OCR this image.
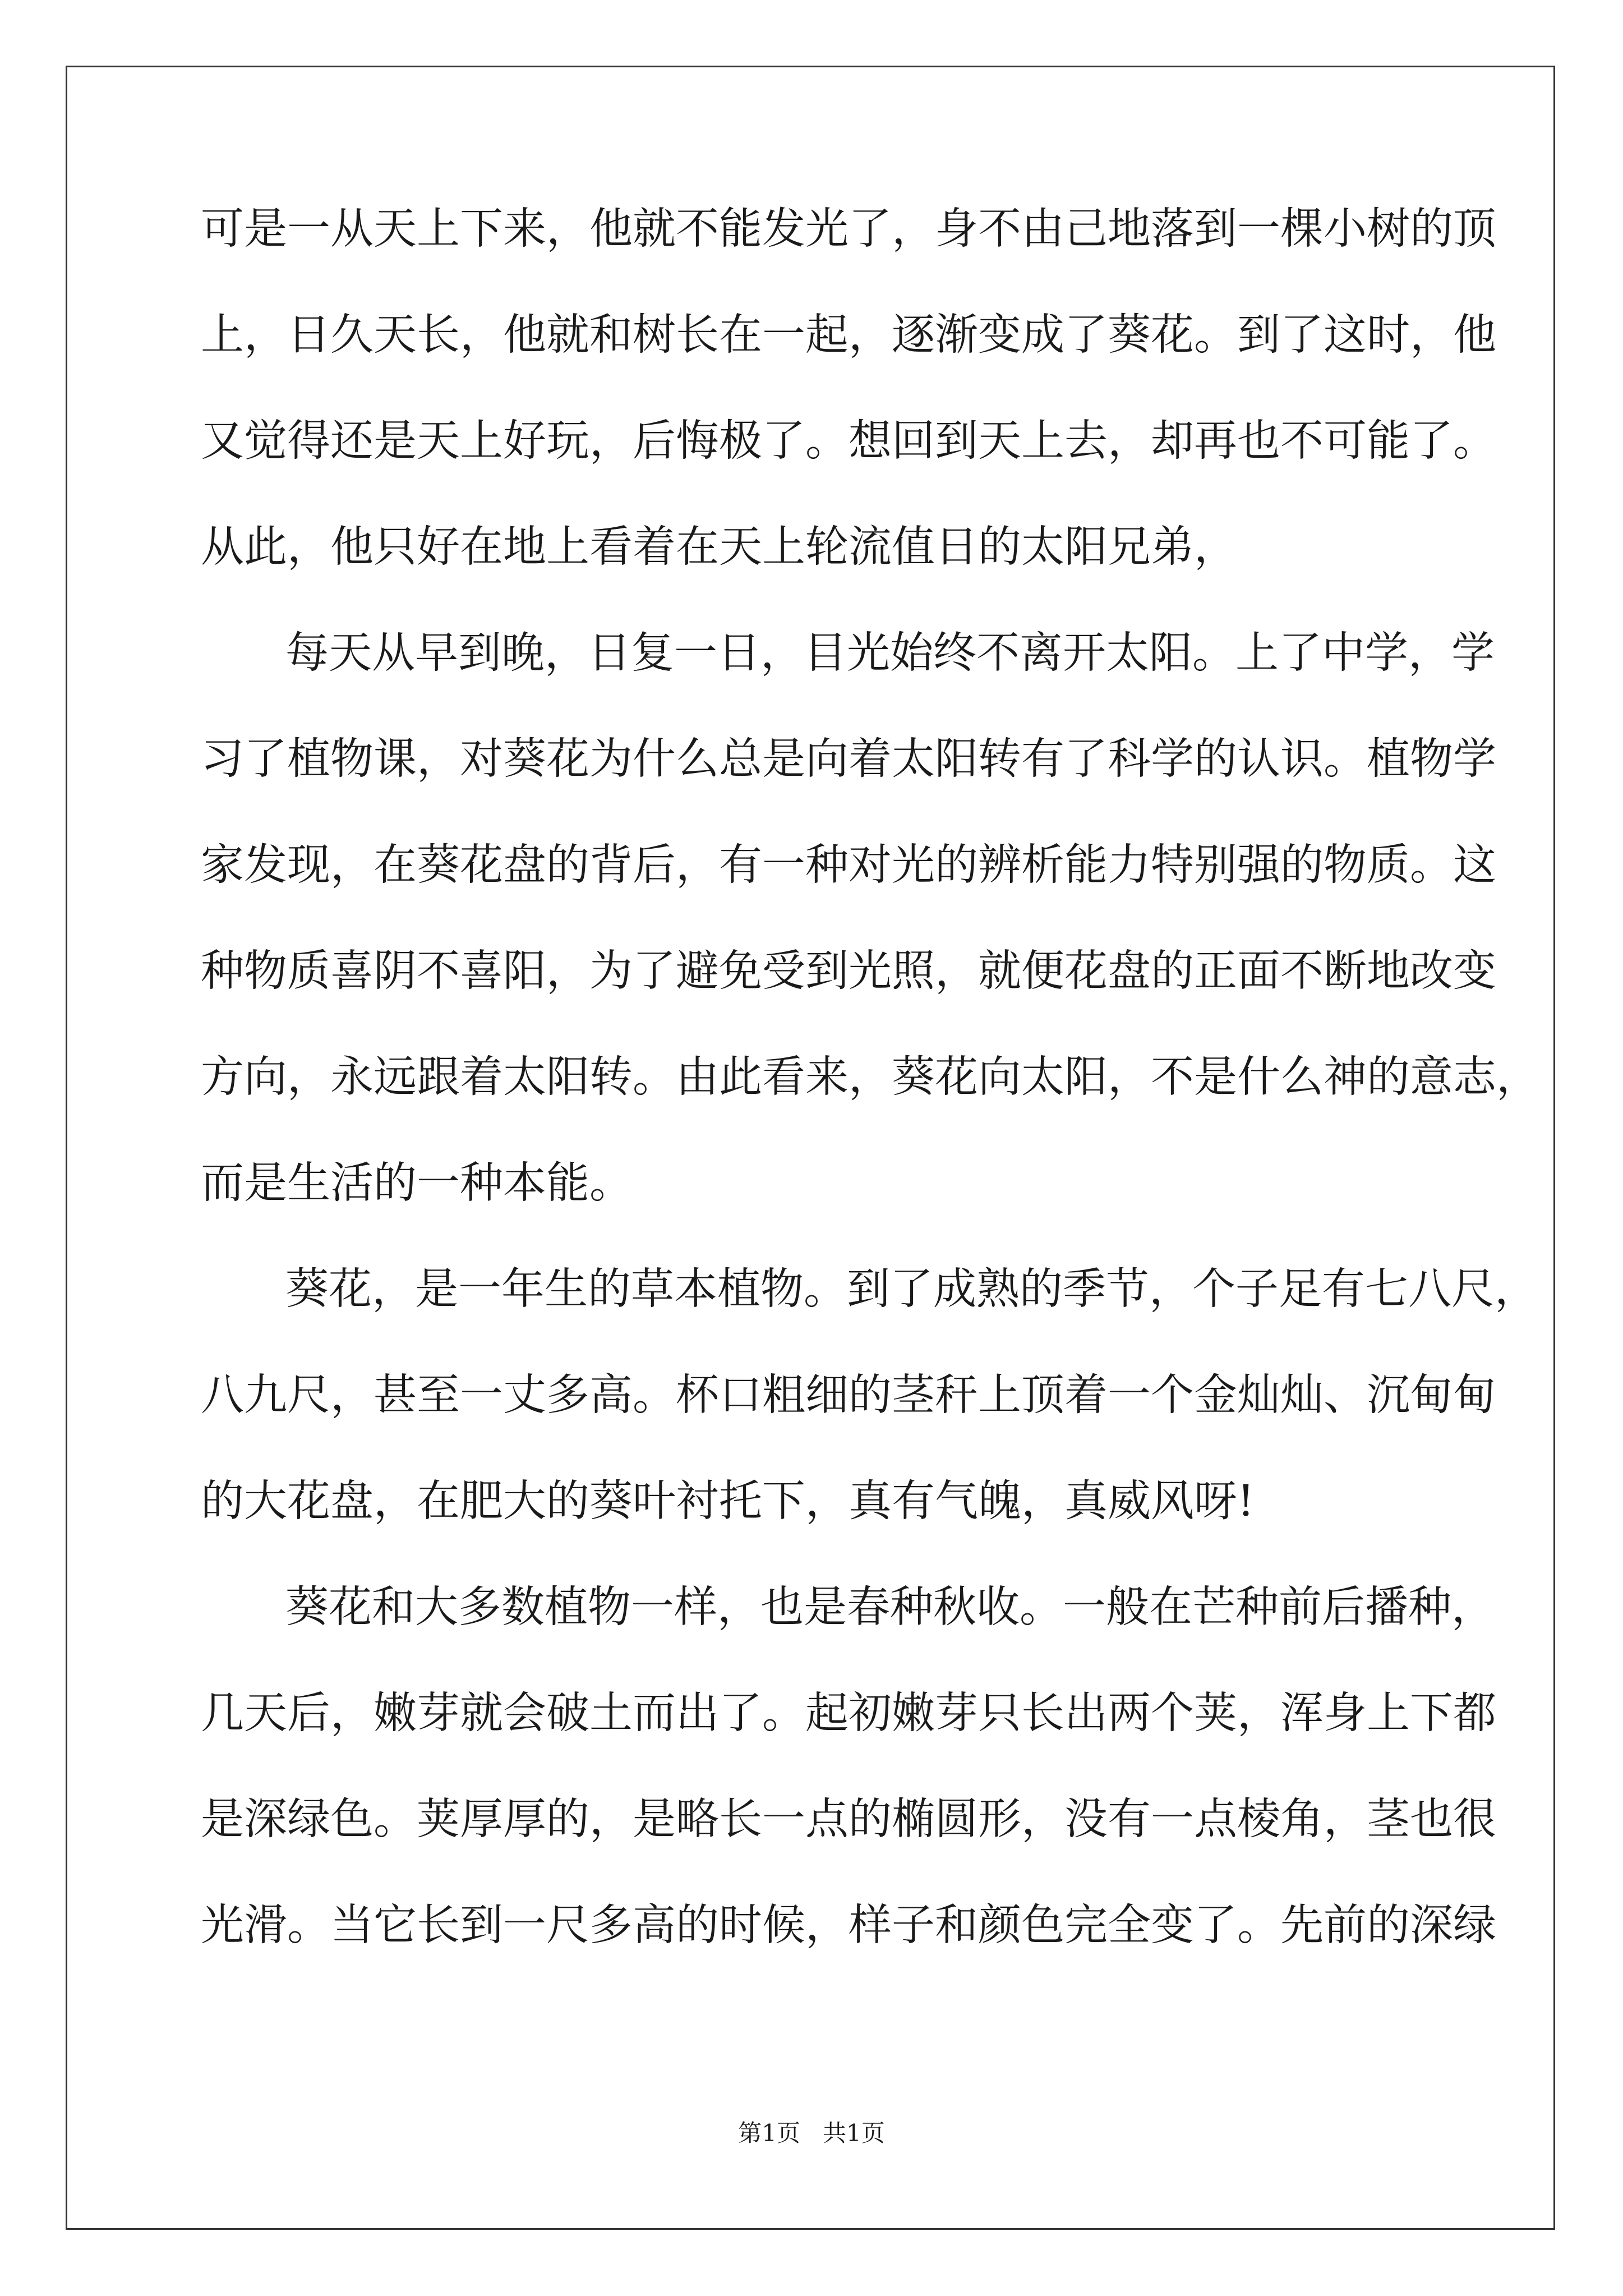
可是一从天上下来，他就不能发光了，身不由己地落到一棵小树的顶
上，日久天长，他就和树长在一起，逐渐变成了葵花。到了这时，他
又觉得还是天上好玩，后悔极了。想回到天上去，却再也不可能了。
从此，他只好在地上看着在天上轮流值日的太阳兄弟，
每天从早到晚，日复一日，目光始终不离开太阳。上了中学，学
习了植物课，对葵花为什么总是向着太阳转有了科学的认识。植物学
家发现，在葵花盘的背后，有一种对光的辨析能力特别强的物质。这
种物质喜阴不喜阳，为了避免受到光照，就便花盘的正面不断地改变
方向，永远跟着太阳转。由此看来，葵花向太阳，不是什么神的意志，
而是生活的一种本能。
葵花，是一年生的草本植物。到了成熟的季节，个子足有七八尺，
八九尺，甚至一丈多高。杯口粗细的茎秆上顶着一个金灿灿、沉甸甸
的大花盘，在肥大的葵叶衬托下，真有气魄，真威风呀!
葵花和大多数植物一样，也是春种秋收。一般在芒种前后播种，
几天后，嫩芽就会破土而出了。起初嫩芽只长出两个荚，浑身上下都
是深绿色。荚厚厚的，是略长一点的椭圆形，没有一点棱角，茎也很
光滑。当它长到一尺多高的时候，样子和颜色完全变了。先前的深绿
第1页 共1页
